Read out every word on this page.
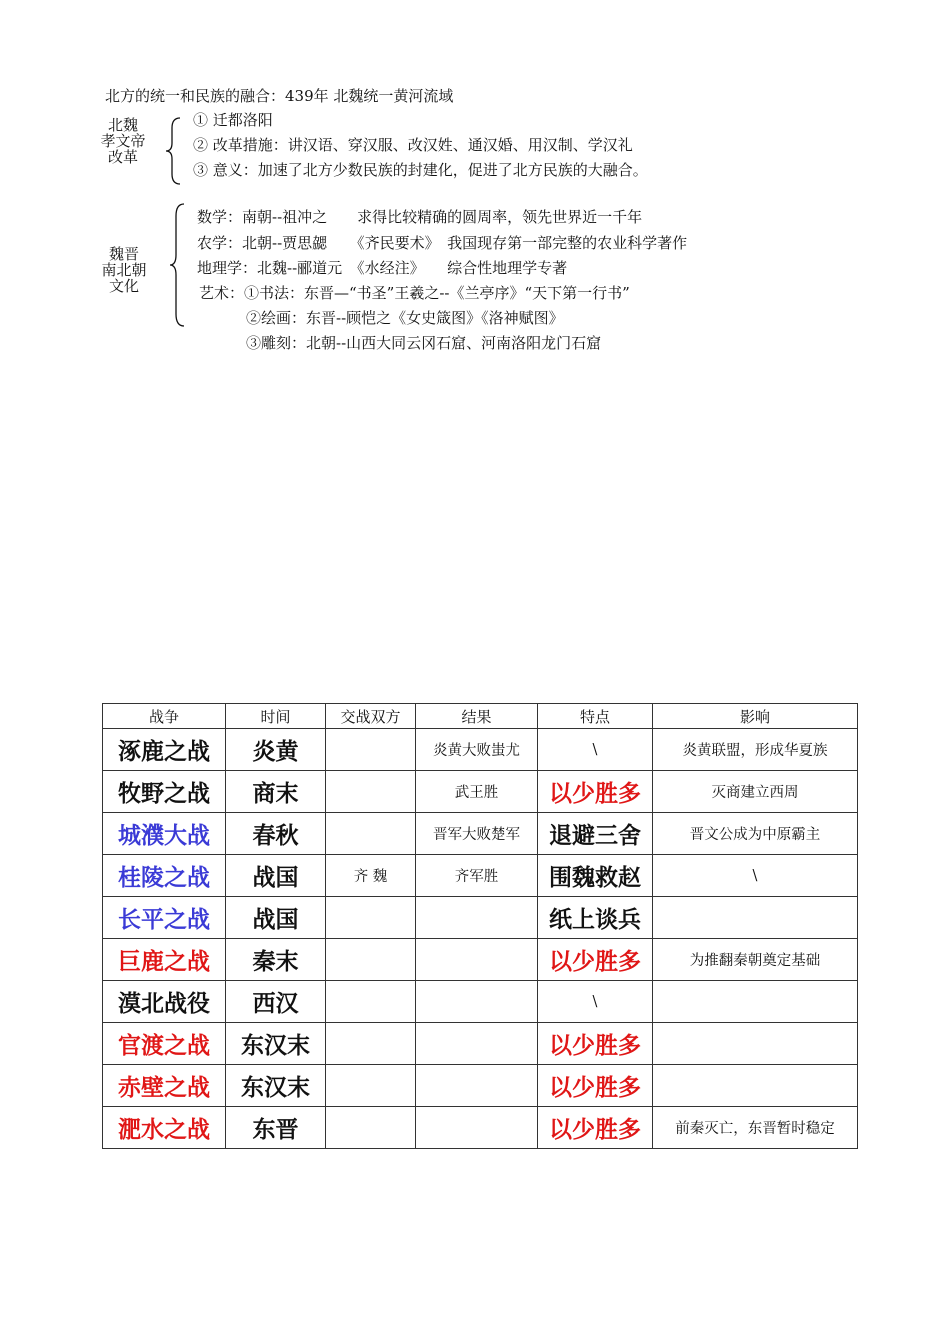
北方的统一和民族的融合：439年 北魏统一黄河流域
北魏
孝文帝
改革
① 迁都洛阳
② 改革措施：讲汉语、穿汉服、改汉姓、通汉婚、用汉制、学汉礼
③ 意义：加速了北方少数民族的封建化，促进了北方民族的大融合。
魏晋
南北朝
文化
数学：南朝--祖冲之　　求得比较精确的圆周率，领先世界近一千年
农学：北朝--贾思勰　　《齐民要术》　我国现存第一部完整的农业科学著作
地理学：北魏--郦道元　《水经注》　　综合性地理学专著
艺术：①书法：东晋—“书圣”王羲之--《兰亭序》“天下第一行书”
②绘画：东晋--顾恺之《女史箴图》《洛神赋图》
③雕刻：北朝--山西大同云冈石窟、河南洛阳龙门石窟
战争	时间	交战双方	结果	特点	影响
涿鹿之战	炎黄		炎黄大败蚩尤	\	炎黄联盟，形成华夏族
牧野之战	商末		武王胜	以少胜多	灭商建立西周
城濮大战	春秋		晋军大败楚军	退避三舍	晋文公成为中原霸主
桂陵之战	战国	齐 魏	齐军胜	围魏救赵	\
长平之战	战国			纸上谈兵	
巨鹿之战	秦末			以少胜多	为推翻秦朝奠定基础
漠北战役	西汉			\	
官渡之战	东汉末			以少胜多	
赤壁之战	东汉末			以少胜多	
淝水之战	东晋			以少胜多	前秦灭亡，东晋暂时稳定
